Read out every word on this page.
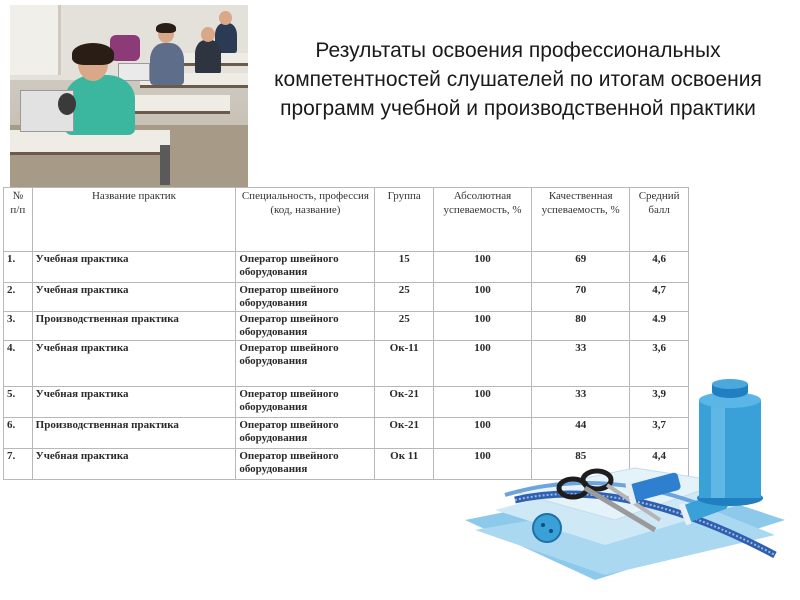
Результаты освоения профессиональных компетентностей слушателей по итогам освоения программ учебной и производственной практики
№ п/п	Название практик	Специальность, профессия (код, название)	Группа	Абсолютная успеваемость, %	Качественная успеваемость, %	Средний балл
1.	Учебная практика	Оператор швейного оборудования	15	100	69	4,6
2.	Учебная практика	Оператор швейного оборудования	25	100	70	4,7
3.	Производственная практика	Оператор швейного оборудования	25	100	80	4.9
4.	Учебная практика	Оператор швейного оборудования	Ок-11	100	33	3,6
5.	Учебная практика	Оператор швейного оборудования	Ок-21	100	33	3,9
6.	Производственная практика	Оператор швейного оборудования	Ок-21	100	44	3,7
7.	Учебная практика	Оператор швейного оборудования	Ок 11	100	85	4,4
